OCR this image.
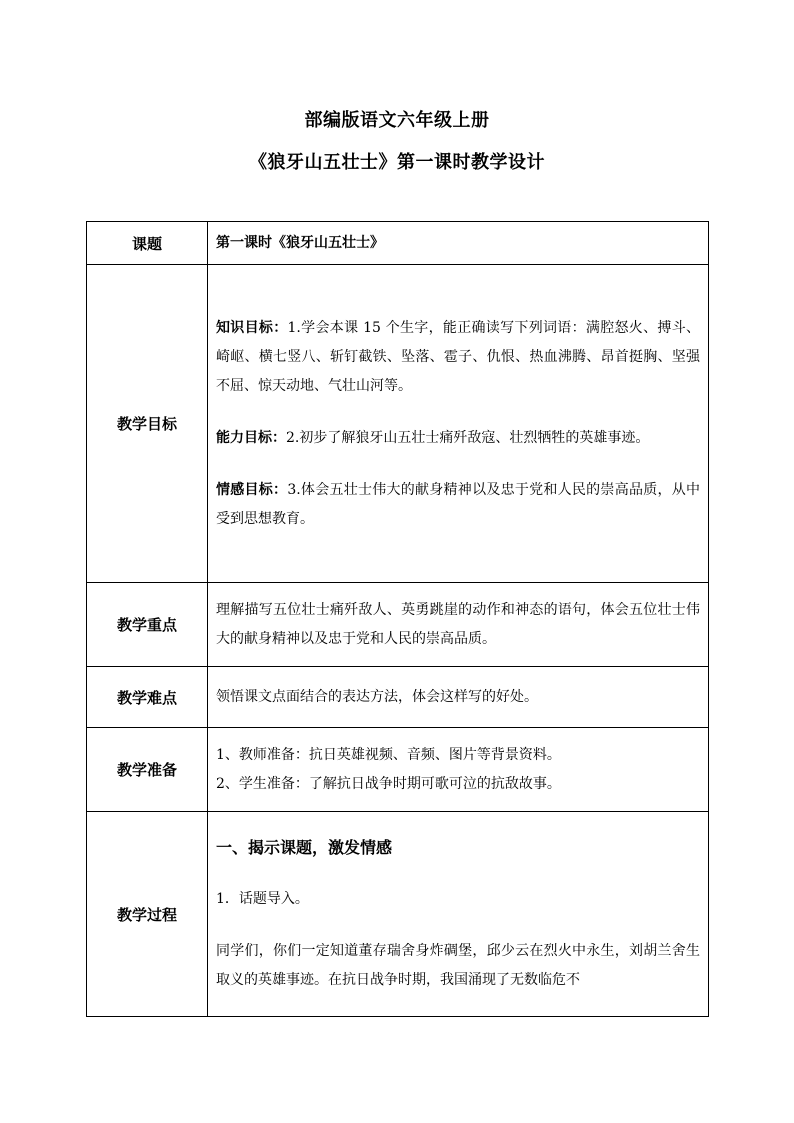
部编版语文六年级上册
《狼牙山五壮士》第一课时教学设计
课题	第一课时《狼牙山五壮士》
教学目标	知识目标：1.学会本课 15 个生字，能正确读写下列词语：满腔怒火、搏斗、崎岖、横七竖八、斩钉截铁、坠落、雹子、仇恨、热血沸腾、昂首挺胸、坚强不屈、惊天动地、气壮山河等。

能力目标：2.初步了解狼牙山五壮士痛歼敌寇、壮烈牺牲的英雄事迹。

情感目标：3.体会五壮士伟大的献身精神以及忠于党和人民的崇高品质，从中受到思想教育。

教学重点	理解描写五位壮士痛歼敌人、英勇跳崖的动作和神态的语句，体会五位壮士伟大的献身精神以及忠于党和人民的崇高品质。
教学难点	领悟课文点面结合的表达方法，体会这样写的好处。
教学准备	1、教师准备：抗日英雄视频、音频、图片等背景资料。

2、学生准备：了解抗日战争时期可歌可泣的抗敌故事。

教学过程	一、揭示课题，激发情感

1．话题导入。

同学们，你们一定知道董存瑞舍身炸碉堡，邱少云在烈火中永生，刘胡兰舍生取义的英雄事迹。在抗日战争时期，我国涌现了无数临危不
